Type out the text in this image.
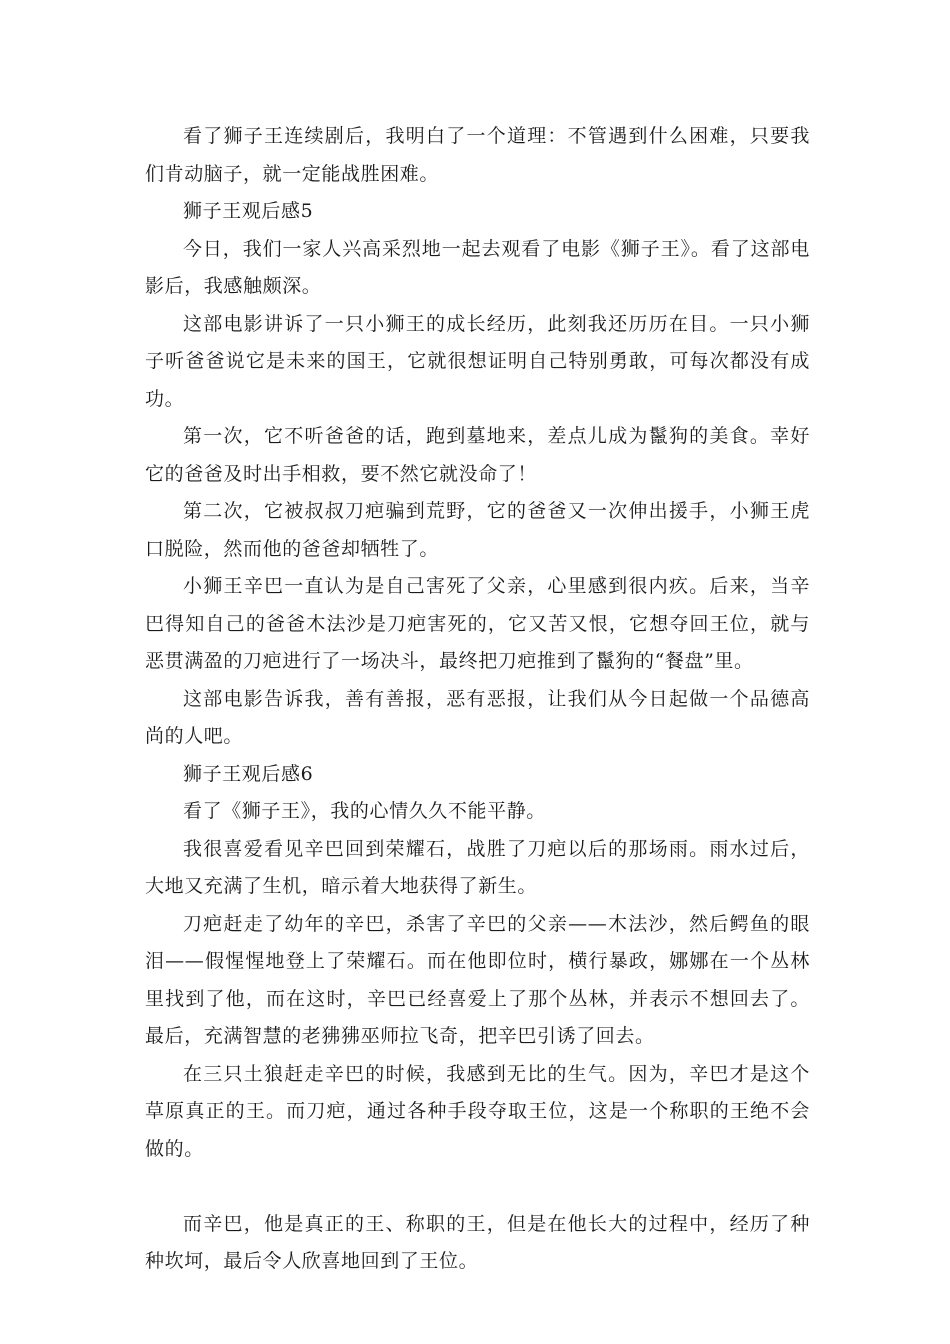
看了狮子王连续剧后，我明白了一个道理：不管遇到什么困难，只要我们肯动脑子，就一定能战胜困难。

狮子王观后感5

今日，我们一家人兴高采烈地一起去观看了电影《狮子王》。看了这部电影后，我感触颇深。

这部电影讲诉了一只小狮王的成长经历，此刻我还历历在目。一只小狮子听爸爸说它是未来的国王，它就很想证明自己特别勇敢，可每次都没有成功。

第一次，它不听爸爸的话，跑到墓地来，差点儿成为鬣狗的美食。幸好它的爸爸及时出手相救，要不然它就没命了！

第二次，它被叔叔刀疤骗到荒野，它的爸爸又一次伸出援手，小狮王虎口脱险，然而他的爸爸却牺牲了。

小狮王辛巴一直认为是自己害死了父亲，心里感到很内疚。后来，当辛巴得知自己的爸爸木法沙是刀疤害死的，它又苦又恨，它想夺回王位，就与恶贯满盈的刀疤进行了一场决斗，最终把刀疤推到了鬣狗的“餐盘”里。

这部电影告诉我，善有善报，恶有恶报，让我们从今日起做一个品德高尚的人吧。

狮子王观后感6

看了《狮子王》，我的心情久久不能平静。

我很喜爱看见辛巴回到荣耀石，战胜了刀疤以后的那场雨。雨水过后，大地又充满了生机，暗示着大地获得了新生。

刀疤赶走了幼年的辛巴，杀害了辛巴的父亲——木法沙，然后鳄鱼的眼泪——假惺惺地登上了荣耀石。而在他即位时，横行暴政，娜娜在一个丛林里找到了他，而在这时，辛巴已经喜爱上了那个丛林，并表示不想回去了。最后，充满智慧的老狒狒巫师拉飞奇，把辛巴引诱了回去。

在三只土狼赶走辛巴的时候，我感到无比的生气。因为，辛巴才是这个草原真正的王。而刀疤，通过各种手段夺取王位，这是一个称职的王绝不会做的。

而辛巴，他是真正的王、称职的王，但是在他长大的过程中，经历了种种坎坷，最后令人欣喜地回到了王位。
